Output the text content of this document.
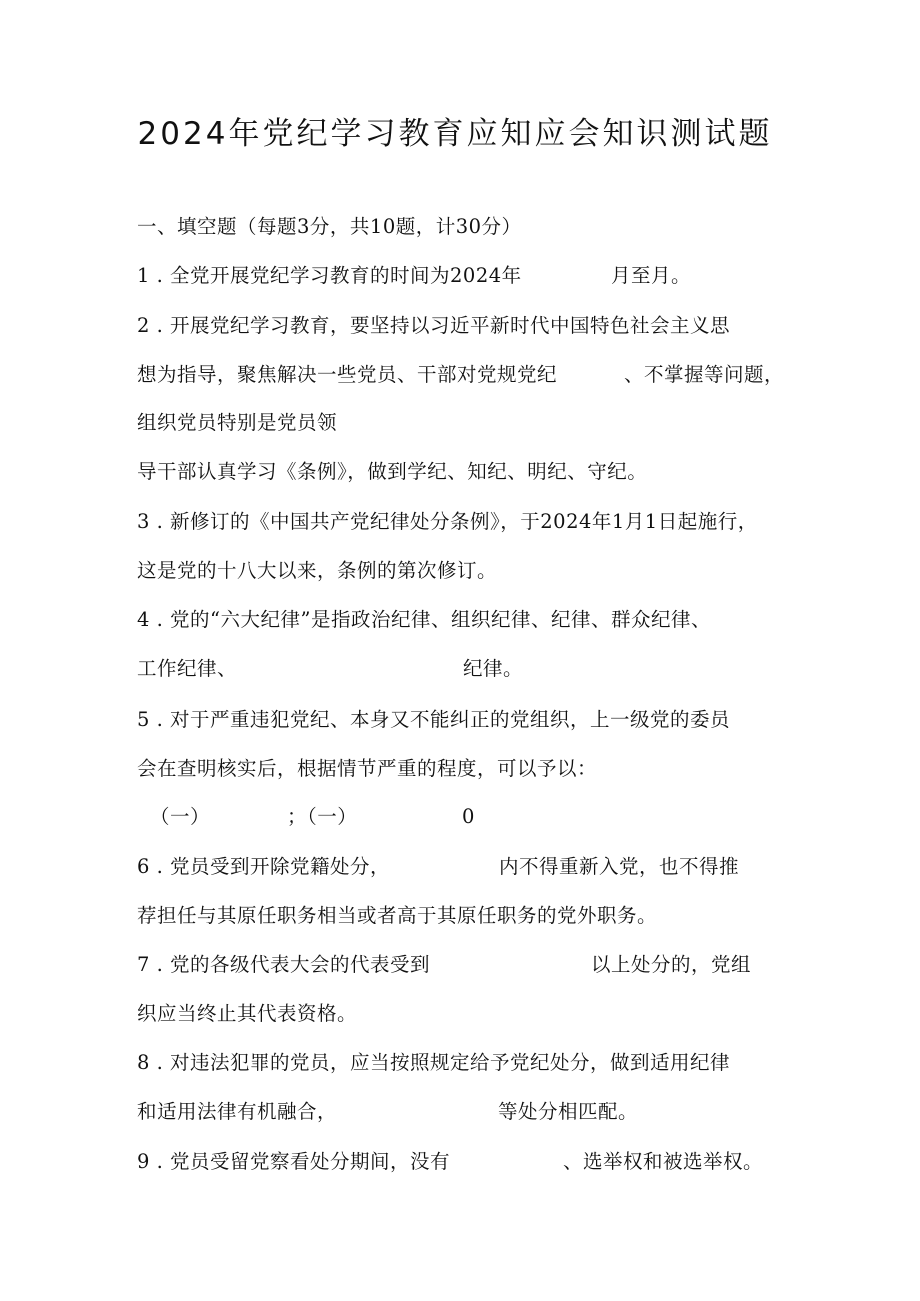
2024年党纪学习教育应知应会知识测试题
一、填空题（每题3分，共10题，计30分）
1 . 全党开展党纪学习教育的时间为2024年	月至月。
2 . 开展党纪学习教育，要坚持以习近平新时代中国特色社会主义思
想为指导，聚焦解决一些党员、干部对党规党纪	、不掌握等问题，
组织党员特别是党员领
导干部认真学习《条例》，做到学纪、知纪、明纪、守纪。
3 . 新修订的《中国共产党纪律处分条例》，于2024年1月1日起施行，
这是党的十八大以来，条例的第次修订。
4 . 党的“六大纪律”是指政治纪律、组织纪律、纪律、群众纪律、
工作纪律、	纪律。
5 . 对于严重违犯党纪、本身又不能纠正的党组织，上一级党的委员
会在查明核实后，根据情节严重的程度，可以予以：
（一）	；（一）	0
6 . 党员受到开除党籍处分，	内不得重新入党，也不得推
荐担任与其原任职务相当或者高于其原任职务的党外职务。
7 . 党的各级代表大会的代表受到	以上处分的，党组
织应当终止其代表资格。
8 . 对违法犯罪的党员，应当按照规定给予党纪处分，做到适用纪律
和适用法律有机融合，	等处分相匹配。
9 . 党员受留党察看处分期间，没有	、选举权和被选举权。
